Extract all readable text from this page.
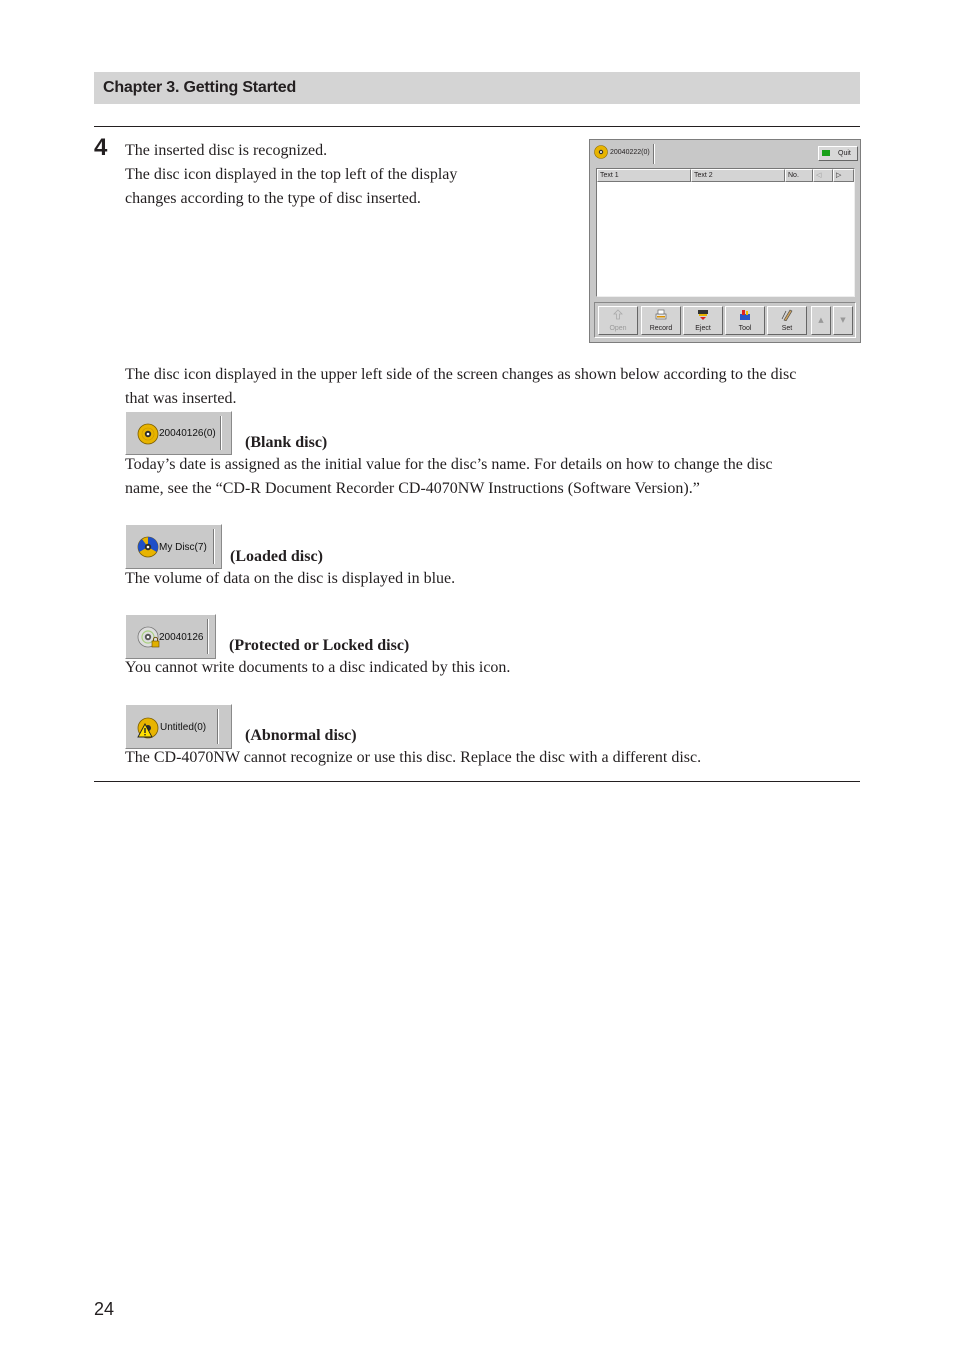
Chapter 3. Getting Started
4 The inserted disc is recognized.

The disc icon displayed in the top left of the display

changes according to the type of disc inserted.

20040222(0)	Quit
Text 1	Text 2	No.	◁	▷
Open	Record	Eject	Tool	Set
▲	▼

The disc icon displayed in the upper left side of the screen changes as shown below according to the disc

that was inserted.

20040126(0)
(Blank disc)

Today’s date is assigned as the initial value for the disc’s name. For details on how to change the disc

name, see the “CD-R Document Recorder CD-4070NW Instructions (Software Version).”

My Disc(7)
(Loaded disc)

The volume of data on the disc is displayed in blue.

20040126 (Protected or Locked disc)

You cannot write documents to a disc indicated by this icon.

Untitled(0) (Abnormal disc)

The CD-4070NW cannot recognize or use this disc. Replace the disc with a different disc.

24
